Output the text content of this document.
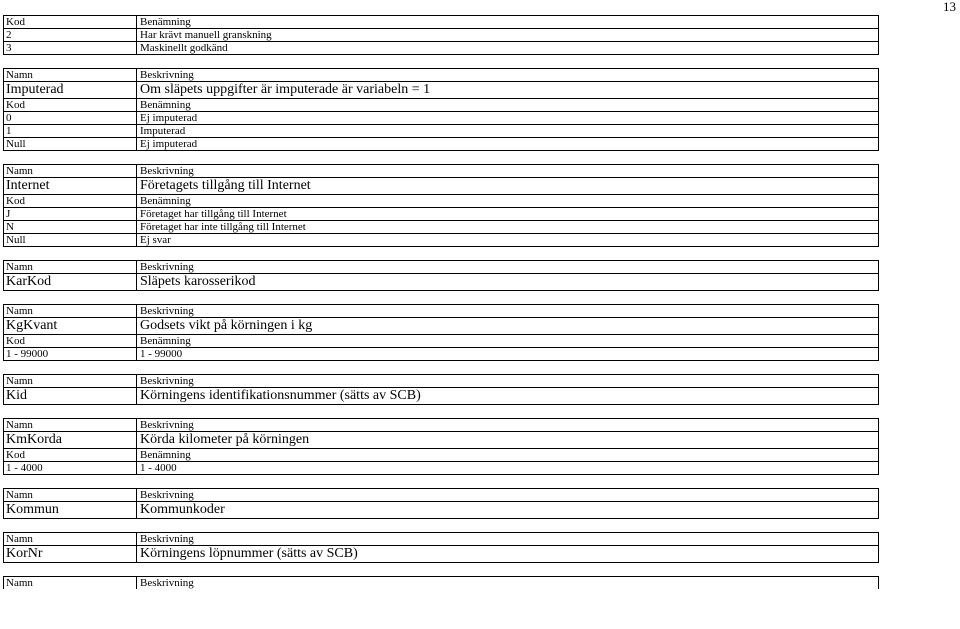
13
Kod	Benämning
2	Har krävt manuell granskning
3	Maskinellt godkänd
Namn	Beskrivning
Imputerad	Om släpets uppgifter är imputerade är variabeln = 1
Kod	Benämning
0	Ej imputerad
1	Imputerad
Null	Ej imputerad
Namn	Beskrivning
Internet	Företagets tillgång till Internet
Kod	Benämning
J	Företaget har tillgång till Internet
N	Företaget har inte tillgång till Internet
Null	Ej svar
Namn	Beskrivning
KarKod	Släpets karosserikod
Namn	Beskrivning
KgKvant	Godsets vikt på körningen i kg
Kod	Benämning
1 - 99000	1 - 99000
Namn	Beskrivning
Kid	Körningens identifikationsnummer (sätts av SCB)
Namn	Beskrivning
KmKorda	Körda kilometer på körningen
Kod	Benämning
1 - 4000	1 - 4000
Namn	Beskrivning
Kommun	Kommunkoder
Namn	Beskrivning
KorNr	Körningens löpnummer (sätts av SCB)
Namn	Beskrivning
